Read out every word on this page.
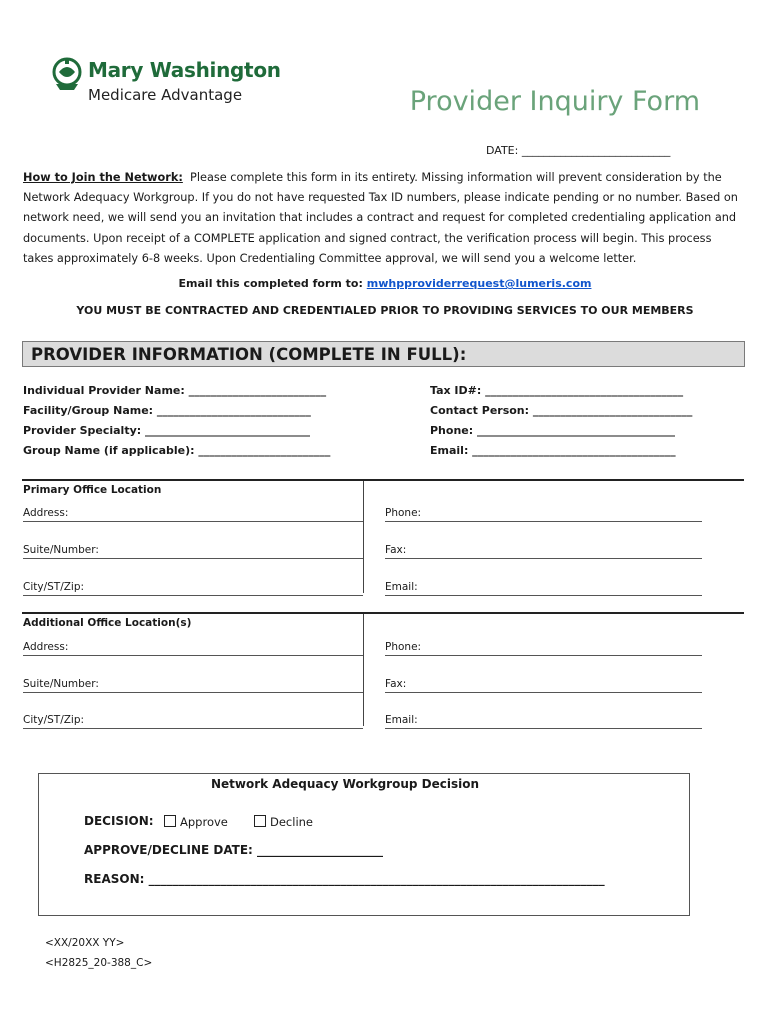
Mary Washington
Medicare Advantage	Provider Inquiry Form
DATE: ___________________________
How to Join the Network: Please complete this form in its entirety. Missing information will prevent consideration by the Network Adequacy Workgroup. If you do not have requested Tax ID numbers, please indicate pending or no number. Based on network need, we will send you an invitation that includes a contract and request for completed credentialing application and documents. Upon receipt of a COMPLETE application and signed contract, the verification process will begin. This process takes approximately 6-8 weeks. Upon Credentialing Committee approval, we will send you a welcome letter.
Email this completed form to: mwhpproviderrequest@lumeris.com
YOU MUST BE CONTRACTED AND CREDENTIALED PRIOR TO PROVIDING SERVICES TO OUR MEMBERS
PROVIDER INFORMATION (COMPLETE IN FULL):
Individual Provider Name: _________________________
Facility/Group Name: ____________________________
Provider Specialty: ______________________________
Group Name (if applicable): ________________________
Tax ID#: ____________________________________
Contact Person: _____________________________
Phone: ____________________________________
Email: _____________________________________
Primary Office Location
Address:
Suite/Number:
City/ST/Zip:
Phone:
Fax:
Email:
Additional Office Location(s)
Address:
Suite/Number:
City/ST/Zip:
Phone:
Fax:
Email:
Network Adequacy Workgroup Decision
DECISION: Approve	Decline
APPROVE/DECLINE DATE: _____________________
REASON: ____________________________________________________________________________
<XX/20XX YY>
<H2825_20-388_C>
